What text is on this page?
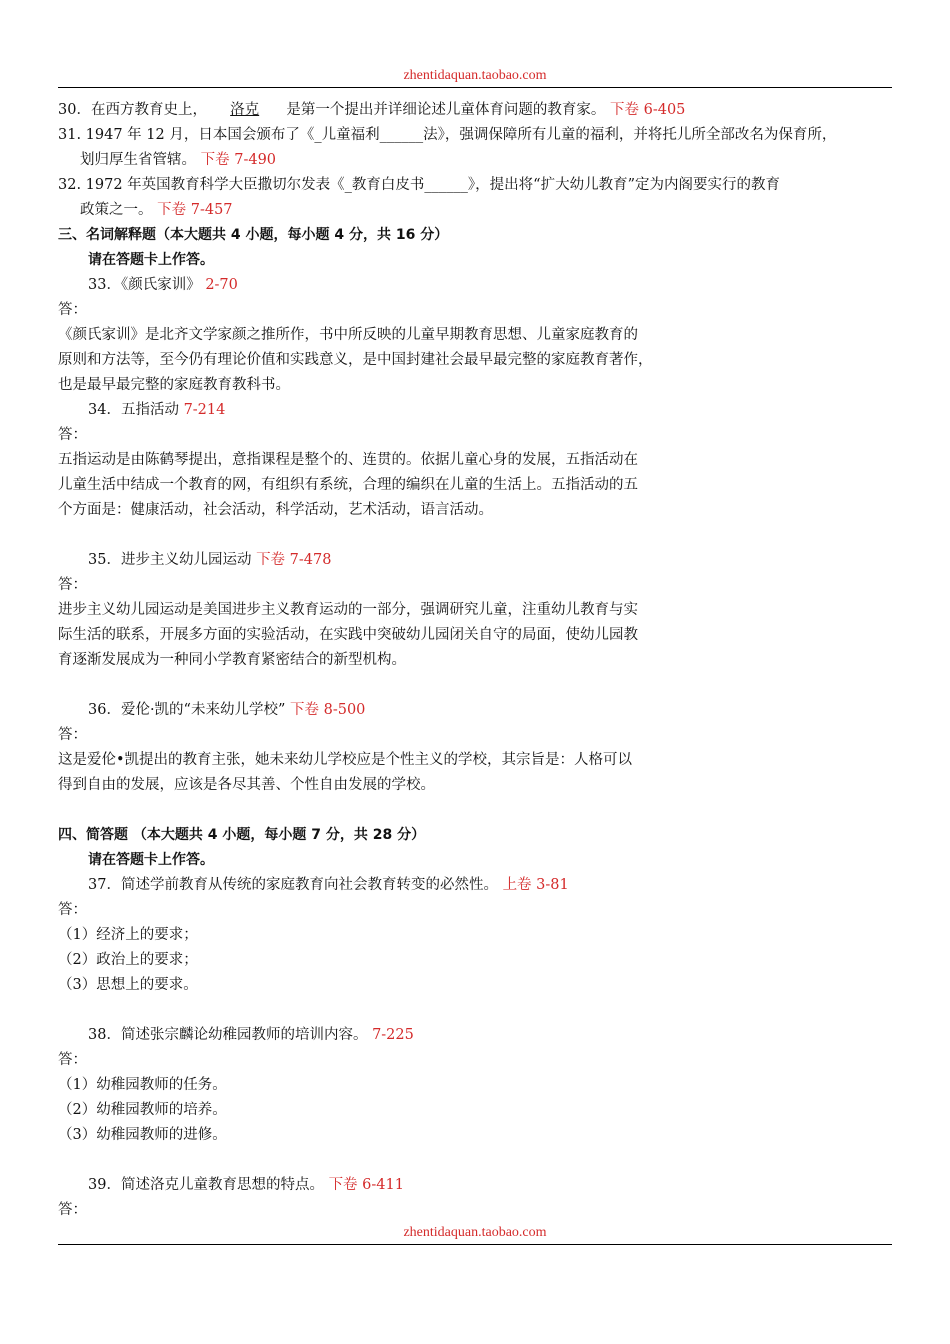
zhentidaquan.taobao.com
30．在西方教育史上， 洛克 是第一个提出并详细论述儿童体育问题的教育家。 下卷 6-405
31. 1947 年 12 月，日本国会颁布了《_儿童福利______法》，强调保障所有儿童的福利，并将托儿所全部改名为保育所，
划归厚生省管辖。 下卷 7-490
32. 1972 年英国教育科学大臣撒切尔发表《_教育白皮书______》，提出将“扩大幼儿教育”定为内阁要实行的教育
政策之一。 下卷 7-457
三、名词解释题（本大题共 4 小题，每小题 4 分，共 16 分）
请在答题卡上作答。
33．《颜氏家训》 2-70
答：
《颜氏家训》是北齐文学家颜之推所作，书中所反映的儿童早期教育思想、儿童家庭教育的
原则和方法等，至今仍有理论价值和实践意义，是中国封建社会最早最完整的家庭教育著作，
也是最早最完整的家庭教育教科书。
34．五指活动 7-214
答：
五指运动是由陈鹤琴提出，意指课程是整个的、连贯的。依据儿童心身的发展，五指活动在
儿童生活中结成一个教育的网，有组织有系统，合理的编织在儿童的生活上。五指活动的五
个方面是：健康活动，社会活动，科学活动，艺术活动，语言活动。
35．进步主义幼儿园运动 下卷 7-478
答：
进步主义幼儿园运动是美国进步主义教育运动的一部分，强调研究儿童，注重幼儿教育与实
际生活的联系，开展多方面的实验活动，在实践中突破幼儿园闭关自守的局面，使幼儿园教
育逐渐发展成为一种同小学教育紧密结合的新型机构。
36．爱伦·凯的“未来幼儿学校” 下卷 8-500
答：
这是爱伦•凯提出的教育主张，她未来幼儿学校应是个性主义的学校，其宗旨是：人格可以
得到自由的发展，应该是各尽其善、个性自由发展的学校。
四、简答题 （本大题共 4 小题，每小题 7 分，共 28 分）
请在答题卡上作答。
37．简述学前教育从传统的家庭教育向社会教育转变的必然性。 上卷 3-81
答：
（1）经济上的要求；
（2）政治上的要求；
（3）思想上的要求。
38．简述张宗麟论幼稚园教师的培训内容。 7-225
答：
（1）幼稚园教师的任务。
（2）幼稚园教师的培养。
（3）幼稚园教师的进修。
39．简述洛克儿童教育思想的特点。 下卷 6-411
答：
zhentidaquan.taobao.com
